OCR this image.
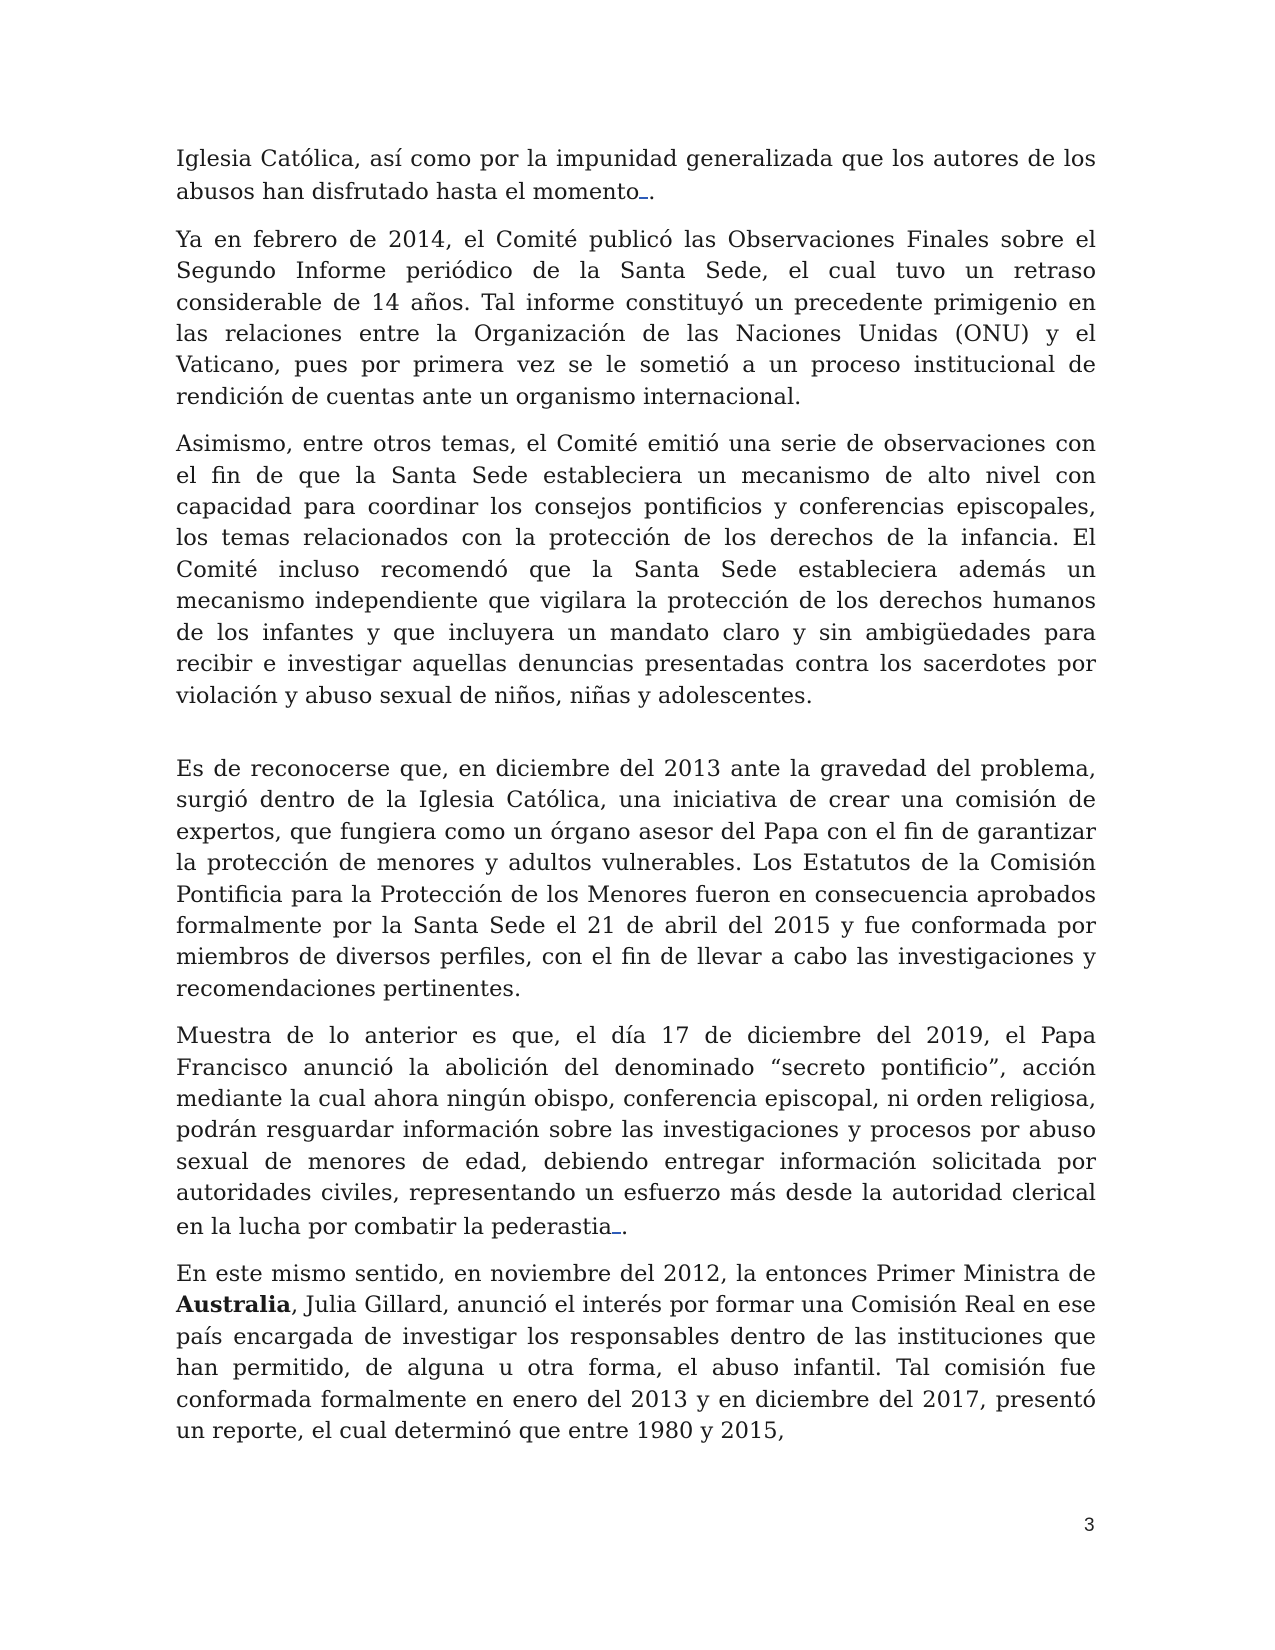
Iglesia Católica, así como por la impunidad generalizada que los autores de los abusos han disfrutado hasta el momento .

Ya en febrero de 2014, el Comité publicó las Observaciones Finales sobre el Segundo Informe periódico de la Santa Sede, el cual tuvo un retraso considerable de 14 años. Tal informe constituyó un precedente primigenio en las relaciones entre la Organización de las Naciones Unidas (ONU) y el Vaticano, pues por primera vez se le sometió a un proceso institucional de rendición de cuentas ante un organismo internacional.

Asimismo, entre otros temas, el Comité emitió una serie de observaciones con el fin de que la Santa Sede estableciera un mecanismo de alto nivel con capacidad para coordinar los consejos pontificios y conferencias episcopales, los temas relacionados con la protección de los derechos de la infancia. El Comité incluso recomendó que la Santa Sede estableciera además un mecanismo independiente que vigilara la protección de los derechos humanos de los infantes y que incluyera un mandato claro y sin ambigüedades para recibir e investigar aquellas denuncias presentadas contra los sacerdotes por violación y abuso sexual de niños, niñas y adolescentes.

Es de reconocerse que, en diciembre del 2013 ante la gravedad del problema, surgió dentro de la Iglesia Católica, una iniciativa de crear una comisión de expertos, que fungiera como un órgano asesor del Papa con el fin de garantizar la protección de menores y adultos vulnerables. Los Estatutos de la Comisión Pontificia para la Protección de los Menores fueron en consecuencia aprobados formalmente por la Santa Sede el 21 de abril del 2015 y fue conformada por miembros de diversos perfiles, con el fin de llevar a cabo las investigaciones y recomendaciones pertinentes.

Muestra de lo anterior es que, el día 17 de diciembre del 2019, el Papa Francisco anunció la abolición del denominado “secreto pontificio”, acción mediante la cual ahora ningún obispo, conferencia episcopal, ni orden religiosa, podrán resguardar información sobre las investigaciones y procesos por abuso sexual de menores de edad, debiendo entregar información solicitada por autoridades civiles, representando un esfuerzo más desde la autoridad clerical en la lucha por combatir la pederastia .

En este mismo sentido, en noviembre del 2012, la entonces Primer Ministra de Australia, Julia Gillard, anunció el interés por formar una Comisión Real en ese país encargada de investigar los responsables dentro de las instituciones que han permitido, de alguna u otra forma, el abuso infantil. Tal comisión fue conformada formalmente en enero del 2013 y en diciembre del 2017, presentó un reporte, el cual determinó que entre 1980 y 2015,

3
